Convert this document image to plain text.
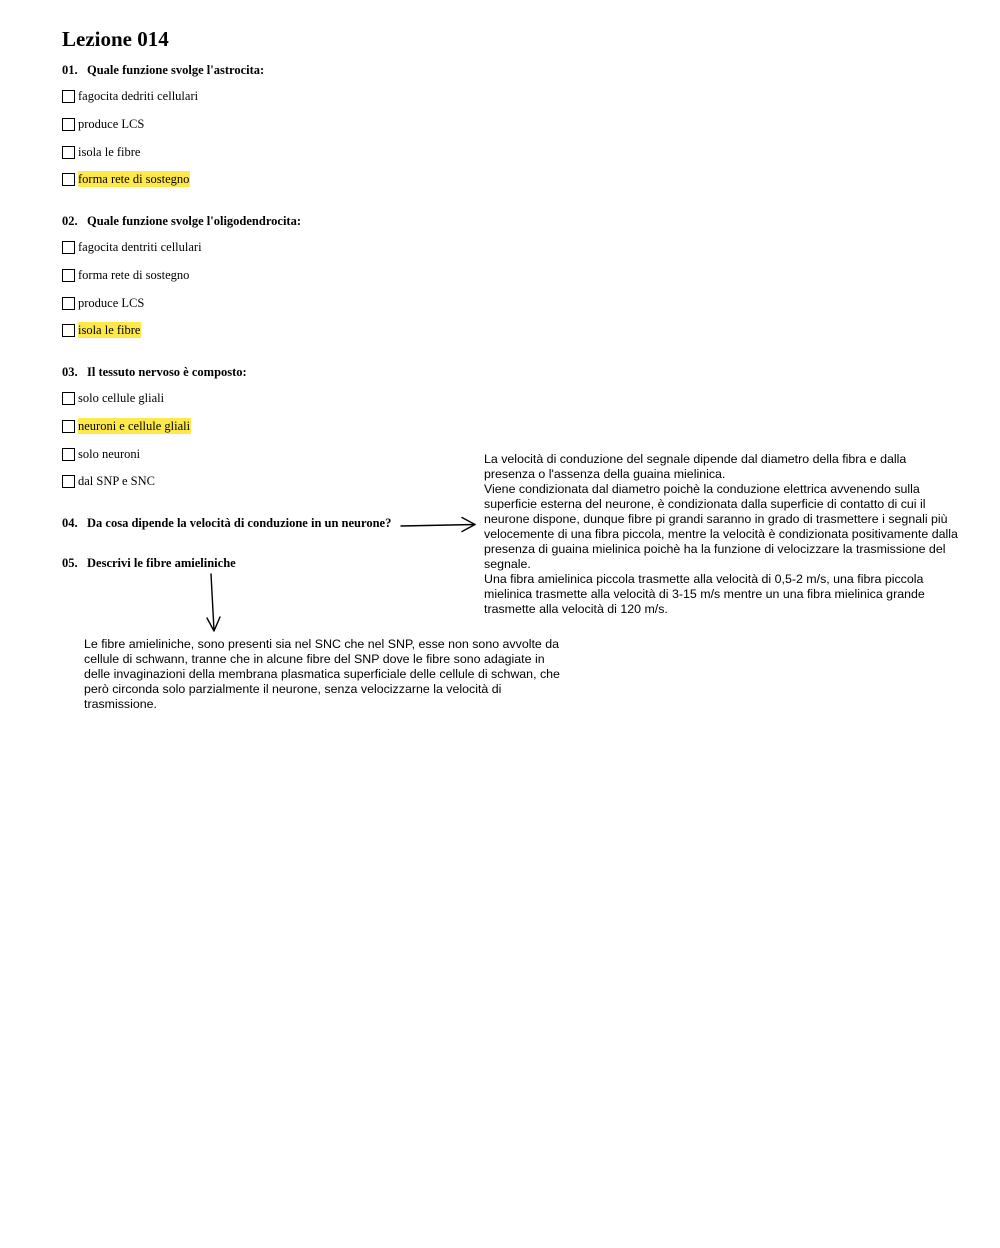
Lezione 014
01. Quale funzione svolge l'astrocita:
fagocita dedriti cellulari
produce LCS
isola le fibre
forma rete di sostegno
02. Quale funzione svolge l'oligodendrocita:
fagocita dentriti cellulari
forma rete di sostegno
produce LCS
isola le fibre
03. Il tessuto nervoso è composto:
solo cellule gliali
neuroni e cellule gliali
solo neuroni
dal SNP e SNC
04. Da cosa dipende la velocità di conduzione in un neurone?
05. Descrivi le fibre amieliniche

La velocità di conduzione del segnale dipende dal diametro della fibra e dalla presenza o l'assenza della guaina mielinica.

Viene condizionata dal diametro poichè la conduzione elettrica avvenendo sulla superficie esterna del neurone, è condizionata dalla superficie di contatto di cui il neurone dispone, dunque fibre pi grandi saranno in grado di trasmettere i segnali più velocemente di una fibra piccola, mentre la velocità è condizionata positivamente dalla presenza di guaina mielinica poichè ha la funzione di velocizzare la trasmissione del segnale.

Una fibra amielinica piccola trasmette alla velocità di 0,5-2 m/s, una fibra piccola mielinica trasmette alla velocità di 3-15 m/s mentre un una fibra mielinica grande trasmette alla velocità di 120 m/s.

Le fibre amieliniche, sono presenti sia nel SNC che nel SNP, esse non sono avvolte da cellule di schwann, tranne che in alcune fibre del SNP dove le fibre sono adagiate in delle invaginazioni della membrana plasmatica superficiale delle cellule di schwan, che però circonda solo parzialmente il neurone, senza velocizzarne la velocità di trasmissione.
